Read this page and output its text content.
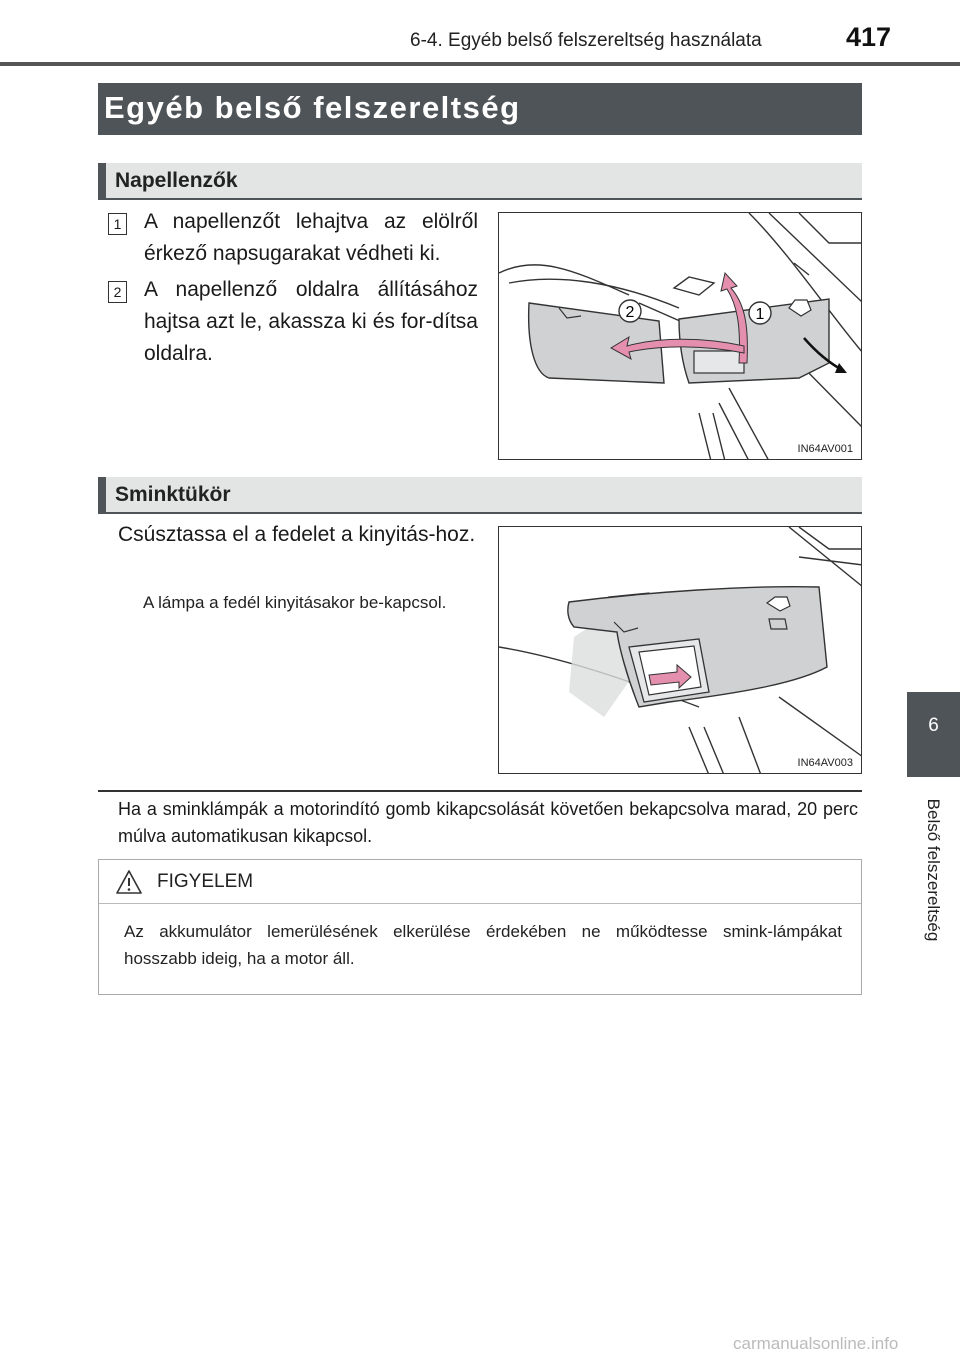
6-4. Egyéb belső felszereltség használata	417
Egyéb belső felszereltség
Napellenzők
1 A napellenzőt lehajtva az elölről érkező napsugarakat védheti ki.
2 A napellenző oldalra állításához hajtsa azt le, akassza ki és for-dítsa oldalra.
2	1
IN64AV001
Sminktükör
Csúsztassa el a fedelet a kinyitás-hoz.
A lámpa a fedél kinyitásakor be-kapcsol.
IN64AV003
Ha a sminklámpák a motorindító gomb kikapcsolását követően bekapcsolva marad, 20 perc múlva automatikusan kikapcsol.
FIGYELEM
Az akkumulátor lemerülésének elkerülése érdekében ne működtesse smink-lámpákat hosszabb ideig, ha a motor áll.
6
Belső felszereltség
carmanualsonline.info
